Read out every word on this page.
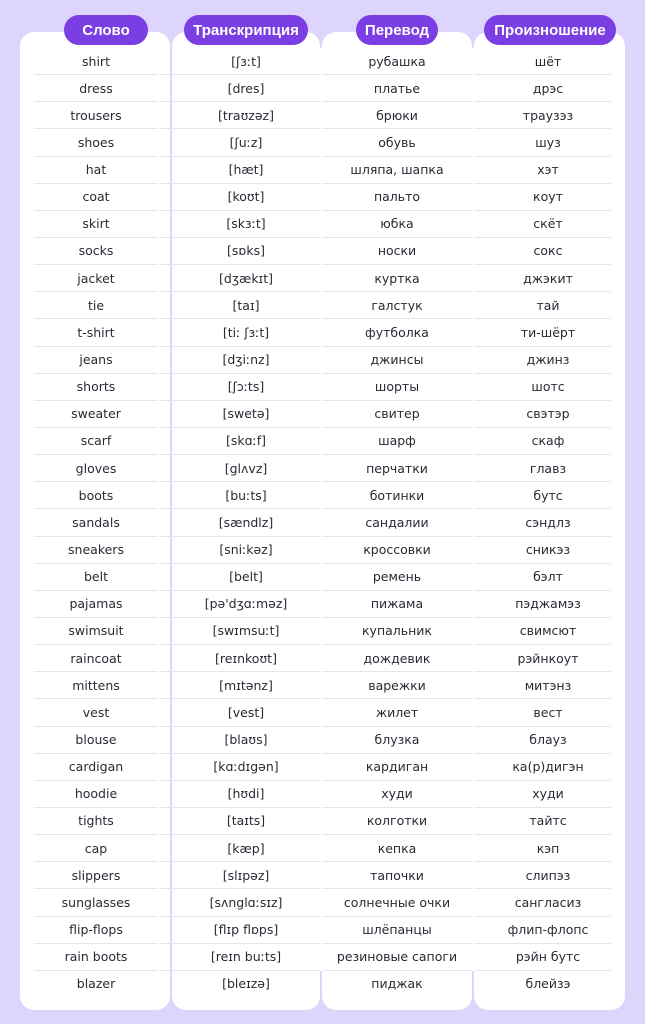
Слово	Транскрипция	Перевод	Произношение
shirt	[ʃɜːt]	рубашка	шёт
dress	[dres]	платье	дрэс
trousers	[traʊzəz]	брюки	траузэз
shoes	[ʃuːz]	обувь	шуз
hat	[hæt]	шляпа, шапка	хэт
coat	[koʊt]	пальто	коут
skirt	[skɜːt]	юбка	скёт
socks	[sɒks]	носки	сокс
jacket	[dʒækɪt]	куртка	джэкит
tie	[taɪ]	галстук	тай
t-shirt	[tiː ʃɜːt]	футболка	ти-шёрт
jeans	[dʒiːnz]	джинсы	джинз
shorts	[ʃɔːts]	шорты	шотс
sweater	[swetə]	свитер	свэтэр
scarf	[skɑːf]	шарф	скаф
gloves	[glʌvz]	перчатки	главз
boots	[buːts]	ботинки	бутс
sandals	[sændlz]	сандалии	сэндлз
sneakers	[sniːkəz]	кроссовки	сникэз
belt	[belt]	ремень	бэлт
pajamas	[pə'dʒɑːməz]	пижама	пэджамэз
swimsuit	[swɪmsuːt]	купальник	свимсют
raincoat	[reɪnkoʊt]	дождевик	рэйнкоут
mittens	[mɪtənz]	варежки	митэнз
vest	[vest]	жилет	вест
blouse	[blaʊs]	блузка	блауз
cardigan	[kɑːdɪgən]	кардиган	ка(р)дигэн
hoodie	[hʊdi]	худи	худи
tights	[taɪts]	колготки	тайтс
cap	[kæp]	кепка	кэп
slippers	[slɪpəz]	тапочки	слипэз
sunglasses	[sʌnglɑːsɪz]	солнечные очки	сангласиз
flip-flops	[flɪp flɒps]	шлёпанцы	флип-флопс
rain boots	[reɪn buːts]	резиновые сапоги	рэйн бутс
blazer	[bleɪzə]	пиджак	блейзэ
